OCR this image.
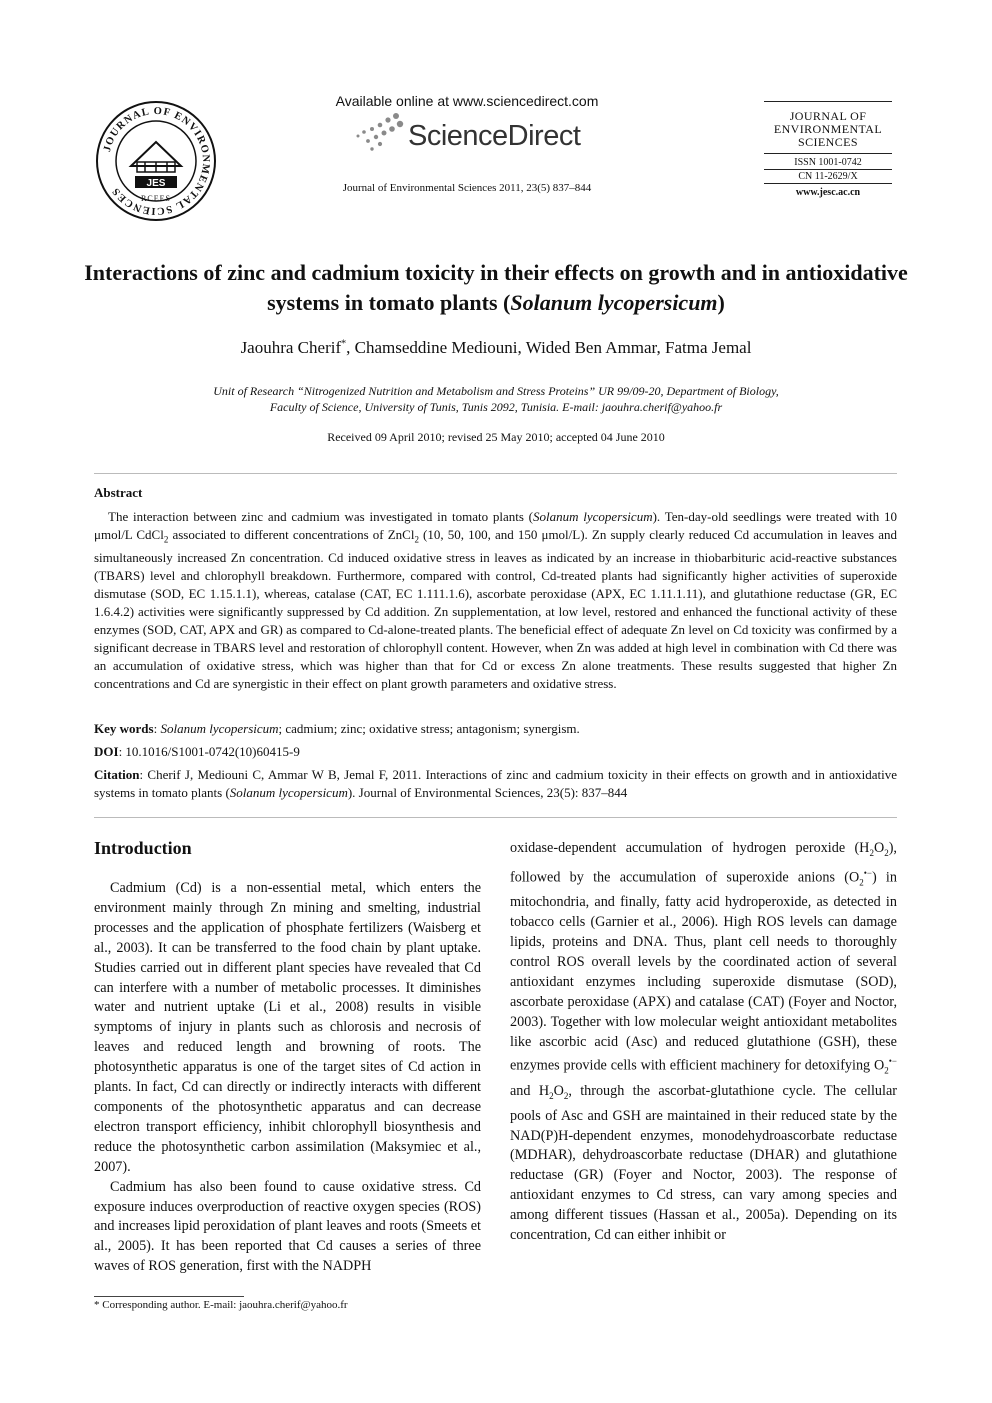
JOURNAL OF ENVIRONMENTAL SCIENCES
JES
RCEES
Available online at www.sciencedirect.com
ScienceDirect
Journal of Environmental Sciences 2011, 23(5) 837–844
JOURNAL OF
ENVIRONMENTAL
SCIENCES
ISSN 1001-0742
CN 11-2629/X
www.jesc.ac.cn
Interactions of zinc and cadmium toxicity in their effects on growth and in antioxidative systems in tomato plants (Solanum lycopersicum)
Jaouhra Cherif*, Chamseddine Mediouni, Wided Ben Ammar, Fatma Jemal
Unit of Research “Nitrogenized Nutrition and Metabolism and Stress Proteins” UR 99/09-20, Department of Biology,
Faculty of Science, University of Tunis, Tunis 2092, Tunisia. E-mail: jaouhra.cherif@yahoo.fr
Received 09 April 2010; revised 25 May 2010; accepted 04 June 2010
Abstract
The interaction between zinc and cadmium was investigated in tomato plants (Solanum lycopersicum). Ten-day-old seedlings were treated with 10 μmol/L CdCl$_2$ associated to different concentrations of ZnCl$_2$ (10, 50, 100, and 150 μmol/L). Zn supply clearly reduced Cd accumulation in leaves and simultaneously increased Zn concentration. Cd induced oxidative stress in leaves as indicated by an increase in thiobarbituric acid-reactive substances (TBARS) level and chlorophyll breakdown. Furthermore, compared with control, Cd-treated plants had significantly higher activities of superoxide dismutase (SOD, EC 1.15.1.1), whereas, catalase (CAT, EC 1.111.1.6), ascorbate peroxidase (APX, EC 1.11.1.11), and glutathione reductase (GR, EC 1.6.4.2) activities were significantly suppressed by Cd addition. Zn supplementation, at low level, restored and enhanced the functional activity of these enzymes (SOD, CAT, APX and GR) as compared to Cd-alone-treated plants. The beneficial effect of adequate Zn level on Cd toxicity was confirmed by a significant decrease in TBARS level and restoration of chlorophyll content. However, when Zn was added at high level in combination with Cd there was an accumulation of oxidative stress, which was higher than that for Cd or excess Zn alone treatments. These results suggested that higher Zn concentrations and Cd are synergistic in their effect on plant growth parameters and oxidative stress.
Key words: Solanum lycopersicum; cadmium; zinc; oxidative stress; antagonism; synergism.
DOI: 10.1016/S1001-0742(10)60415-9
Citation: Cherif J, Mediouni C, Ammar W B, Jemal F, 2011. Interactions of zinc and cadmium toxicity in their effects on growth and in antioxidative systems in tomato plants (Solanum lycopersicum). Journal of Environmental Sciences, 23(5): 837–844
Introduction

Cadmium (Cd) is a non-essential metal, which enters the environment mainly through Zn mining and smelting, industrial processes and the application of phosphate fertilizers (Waisberg et al., 2003). It can be transferred to the food chain by plant uptake. Studies carried out in different plant species have revealed that Cd can interfere with a number of metabolic processes. It diminishes water and nutrient uptake (Li et al., 2008) results in visible symptoms of injury in plants such as chlorosis and necrosis of leaves and reduced length and browning of roots. The photosynthetic apparatus is one of the target sites of Cd action in plants. In fact, Cd can directly or indirectly interacts with different components of the photosynthetic apparatus and can decrease electron transport efficiency, inhibit chlorophyll biosynthesis and reduce the photosynthetic carbon assimilation (Maksymiec et al., 2007).

Cadmium has also been found to cause oxidative stress. Cd exposure induces overproduction of reactive oxygen species (ROS) and increases lipid peroxidation of plant leaves and roots (Smeets et al., 2005). It has been reported that Cd causes a series of three waves of ROS generation, first with the NADPH

oxidase-dependent accumulation of hydrogen peroxide $(H_2O_2)$, followed by the accumulation of superoxide anions $(O_2^{•-})$ in mitochondria, and finally, fatty acid hydroperoxide, as detected in tobacco cells (Garnier et al., 2006). High ROS levels can damage lipids, proteins and DNA. Thus, plant cell needs to thoroughly control ROS overall levels by the coordinated action of several antioxidant enzymes including superoxide dismutase (SOD), ascorbate peroxidase (APX) and catalase (CAT) (Foyer and Noctor, 2003). Together with low molecular weight antioxidant metabolites like ascorbic acid (Asc) and reduced glutathione (GSH), these enzymes provide cells with efficient machinery for detoxifying $O_2^{•-}$ and $H_2O_2$, through the ascorbat-glutathione cycle. The cellular pools of Asc and GSH are maintained in their reduced state by the NAD(P)H-dependent enzymes, monodehydroascorbate reductase (MDHAR), dehydroascorbate reductase (DHAR) and glutathione reductase (GR) (Foyer and Noctor, 2003). The response of antioxidant enzymes to Cd stress, can vary among species and among different tissues (Hassan et al., 2005a). Depending on its concentration, Cd can either inhibit or

* Corresponding author. E-mail: jaouhra.cherif@yahoo.fr
